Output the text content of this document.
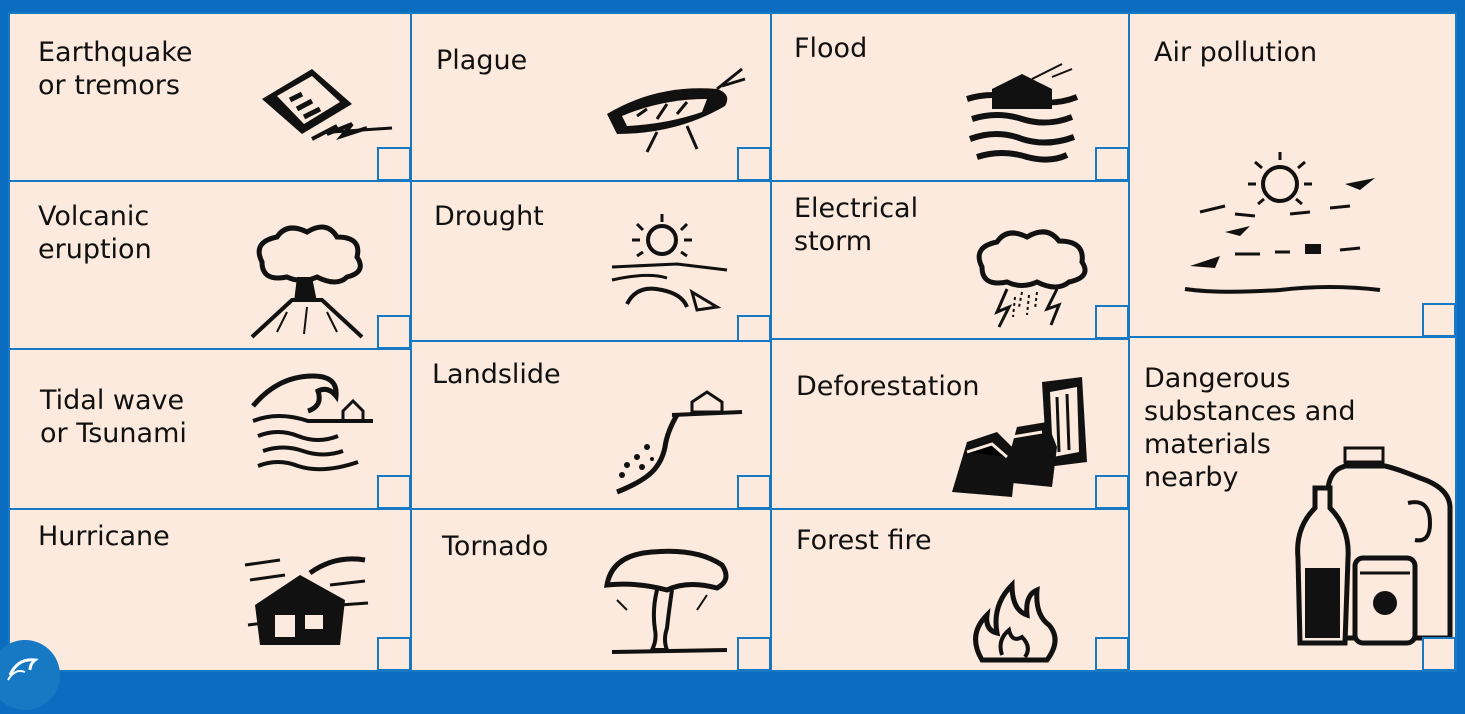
Earthquake
or tremors
Plague	Flood	Air pollution
Volcanic
eruption
Drought	Electrical
storm
Tidal wave
or Tsunami
Landslide	Deforestation	Dangerous
substances and
materials
nearby
Hurricane	Tornado	Forest fire
